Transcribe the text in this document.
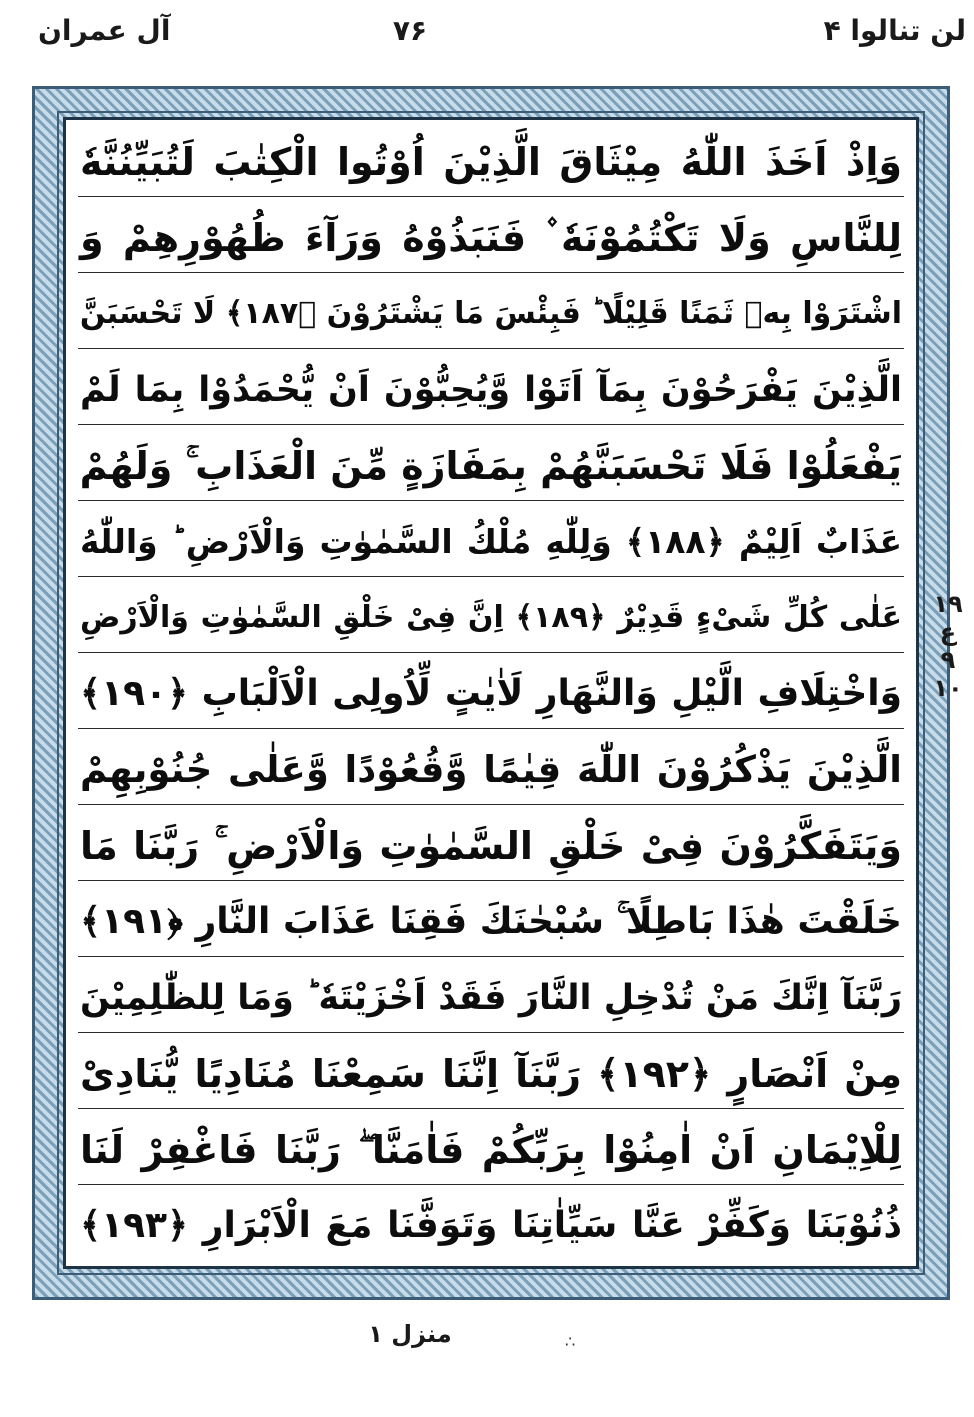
آل عمران	۷۶	لن تنالوا ۴
وَاِذْ اَخَذَ اللّٰهُ مِيْثَاقَ الَّذِيْنَ اُوْتُوا الْكِتٰبَ لَتُبَيِّنُنَّهٗ
لِلنَّاسِ وَلَا تَكْتُمُوْنَهٗ ۫ فَنَبَذُوْهُ وَرَآءَ ظُهُوْرِهِمْ وَ
اشْتَرَوْا بِهٖ ثَمَنًا قَلِيْلًا ؕ فَبِئْسَ مَا يَشْتَرُوْنَ ﴿۱۸۷﴾ لَا تَحْسَبَنَّ
الَّذِيْنَ يَفْرَحُوْنَ بِمَآ اَتَوْا وَّيُحِبُّوْنَ اَنْ يُّحْمَدُوْا بِمَا لَمْ
يَفْعَلُوْا فَلَا تَحْسَبَنَّهُمْ بِمَفَازَةٍ مِّنَ الْعَذَابِ ۚ وَلَهُمْ
عَذَابٌ اَلِيْمٌ ﴿۱۸۸﴾ وَلِلّٰهِ مُلْكُ السَّمٰوٰتِ وَالْاَرْضِ ؕ وَاللّٰهُ
عَلٰى كُلِّ شَىْءٍ قَدِيْرٌ ﴿۱۸۹﴾ اِنَّ فِىْ خَلْقِ السَّمٰوٰتِ وَالْاَرْضِ
وَاخْتِلَافِ الَّيْلِ وَالنَّهَارِ لَاٰيٰتٍ لِّاُولِى الْاَلْبَابِ ﴿۱۹۰﴾
الَّذِيْنَ يَذْكُرُوْنَ اللّٰهَ قِيٰمًا وَّقُعُوْدًا وَّعَلٰى جُنُوْبِهِمْ
وَيَتَفَكَّرُوْنَ فِىْ خَلْقِ السَّمٰوٰتِ وَالْاَرْضِ ۚ رَبَّنَا مَا
خَلَقْتَ هٰذَا بَاطِلًا ۚ سُبْحٰنَكَ فَقِنَا عَذَابَ النَّارِ ﴿۱۹۱﴾
رَبَّنَآ اِنَّكَ مَنْ تُدْخِلِ النَّارَ فَقَدْ اَخْزَيْتَهٗ ؕ وَمَا لِلظّٰلِمِيْنَ
مِنْ اَنْصَارٍ ﴿۱۹۲﴾ رَبَّنَآ اِنَّنَا سَمِعْنَا مُنَادِيًا يُّنَادِىْ
لِلْاِيْمَانِ اَنْ اٰمِنُوْا بِرَبِّكُمْ فَاٰمَنَّا ۖ رَبَّنَا فَاغْفِرْ لَنَا
ذُنُوْبَنَا وَكَفِّرْ عَنَّا سَيِّاٰتِنَا وَتَوَفَّنَا مَعَ الْاَبْرَارِ ﴿۱۹۳﴾
١٩
ع
٩
١٠
منزل ١	∴
